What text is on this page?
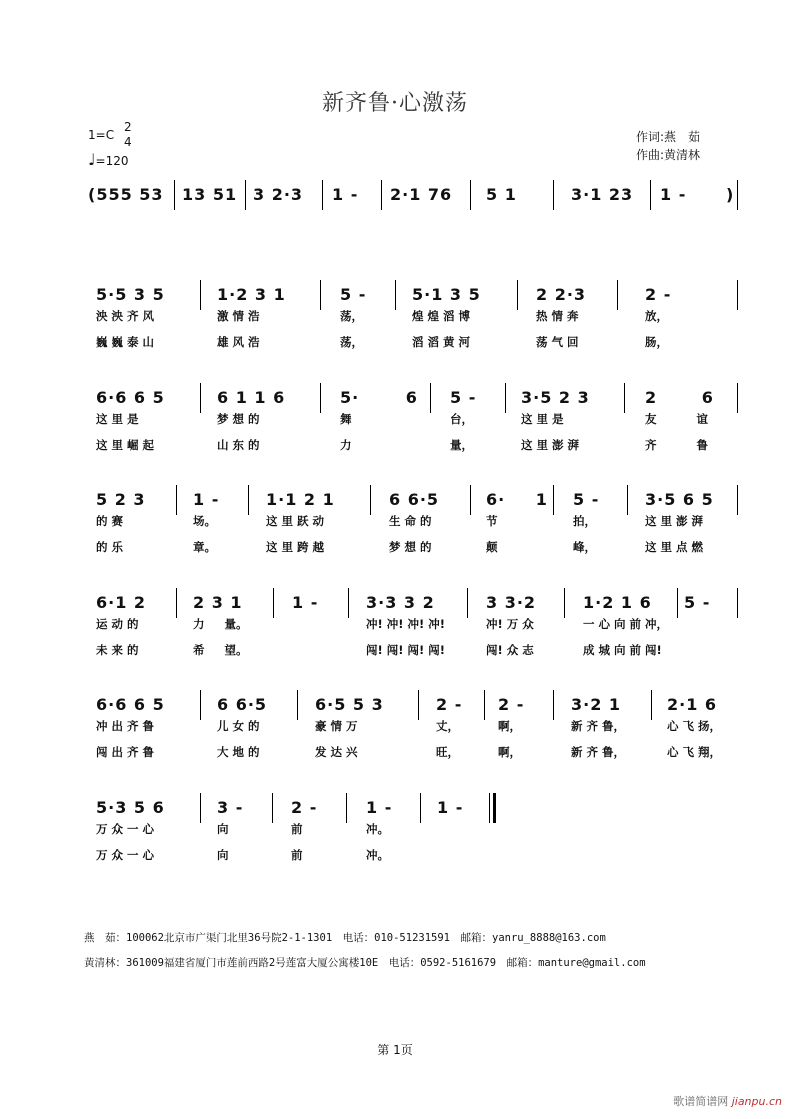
新齐鲁·心激荡
1=C
2
4
♩=120
作词:燕　茹
作曲:黄清林
(555 53 13 51 3 2·3 1 - 2·1 76 5 1	3·1 23 1 - )
5·5 3 5
泱 泱 齐 风
巍 巍 泰 山
1·2 3 1
激 情 浩
雄 风 浩
5 -
荡，
荡，
5·1 3 5
煌 煌 滔 博
滔 滔 黄 河
2 2·3
热 情 奔
荡 气 回
2 -
放，
肠，
6·6 6 5
这 里 是
这 里 崛 起
6 1 1 6
梦 想 的
山 东 的
5· 6
舞
力
5 -
台，
量，
3·5 2 3
这 里 是
这 里 澎 湃
2 6
友 谊
齐 鲁
5 2 3
的 赛
的 乐
1 -
场。
章。
1·1 2 1
这 里 跃 动
这 里 跨 越
6 6·5
生 命 的
梦 想 的
6· 1
节
颠
5 -
拍，
峰，
3·5 6 5
这 里 澎 湃
这 里 点 燃
6·1 2
运 动 的
未 来 的
2 3 1
力 量。
希 望。
1 -	3·3 3 2
冲! 冲! 冲! 冲!
闯! 闯! 闯! 闯!
3 3·2
冲! 万 众
闯! 众 志
1·2 1 6
一 心 向 前 冲，
成 城 向 前 闯!
5 -
6·6 6 5
冲 出 齐 鲁
闯 出 齐 鲁
6 6·5
儿 女 的
大 地 的
6·5 5 3
豪 情 万
发 达 兴
2 -
丈，
旺，
2 -
啊，
啊，
3·2 1
新 齐 鲁，
新 齐 鲁，
2·1 6
心 飞 扬，
心 飞 翔，
5·3 5 6
万 众 一 心
万 众 一 心
3 -
向
向
2 -
前
前
1 -
冲。
冲。
1 -
燕　茹：100062北京市广渠门北里36号院2-1-1301　电话：010-51231591　邮箱：yanru_8888@163.com
黄清林：361009福建省厦门市莲前西路2号莲富大厦公寓楼10E　电话：0592-5161679　邮箱：manture@gmail.com
第 1页
歌谱简谱网 jianpu.cn
